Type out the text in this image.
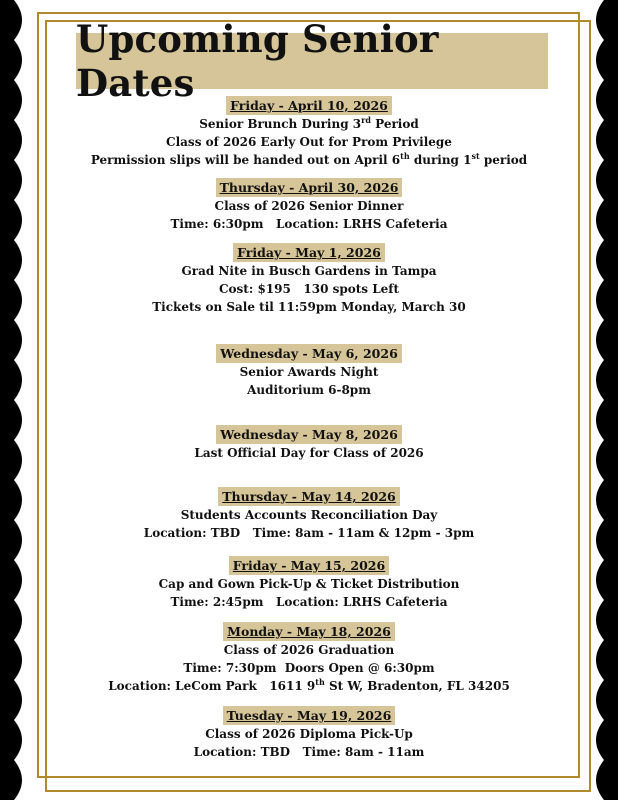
Upcoming Senior Dates
Friday - April 10, 2026
Senior Brunch During 3rd Period
Class of 2026 Early Out for Prom Privilege
Permission slips will be handed out on April 6th during 1st period
Thursday - April 30, 2026
Class of 2026 Senior Dinner
Time: 6:30pm   Location: LRHS Cafeteria
Friday - May 1, 2026
Grad Nite in Busch Gardens in Tampa
Cost: $195   130 spots Left
Tickets on Sale til 11:59pm Monday, March 30
Wednesday - May 6, 2026
Senior Awards Night
Auditorium 6-8pm
Wednesday - May 8, 2026
Last Official Day for Class of 2026
Thursday - May 14, 2026
Students Accounts Reconciliation Day
Location: TBD   Time: 8am - 11am & 12pm - 3pm
Friday - May 15, 2026
Cap and Gown Pick-Up & Ticket Distribution
Time: 2:45pm   Location: LRHS Cafeteria
Monday - May 18, 2026
Class of 2026 Graduation
Time: 7:30pm  Doors Open @ 6:30pm
Location: LeCom Park   1611 9th St W, Bradenton, FL 34205
Tuesday - May 19, 2026
Class of 2026 Diploma Pick-Up
Location: TBD   Time: 8am - 11am
